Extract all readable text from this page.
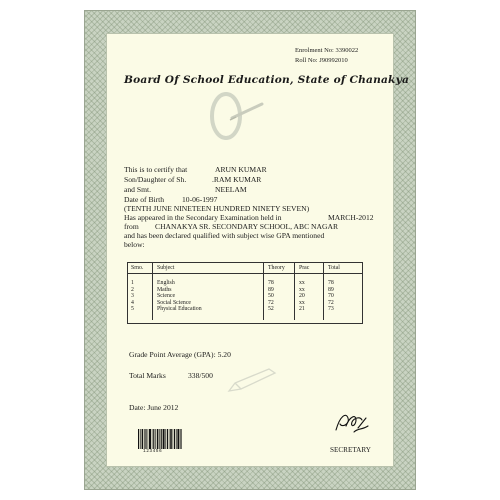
Enrolment No: 3390022
Roll No: J90992010
Board Of School Education, State of Chanakya
This is to certify that	ARUN KUMAR
Son/Daughter of Sh.	.RAM KUMAR
and Smt.	NEELAM
Date of Birth 10-06-1997
(TENTH JUNE NINETEEN HUNDRED NINETY SEVEN)
Has appeared in the Secondary Examination held in	MARCH-2012
from CHANAKYA SR. SECONDARY SCHOOL, ABC NAGAR
and has been declared qualified with subject wise GPA mentioned
below:
Srno.	Subject	Theory	Prac	Total

1	English	78	xx	78
2	Maths	89	xx	89
3	Science	50	20	70
4	Social Science	72	xx	72
5	Physical Education	52	21	73

Grade Point Average (GPA): 5.20
Total Marks	338/500
Date: June 2012
123456	SECRETARY
